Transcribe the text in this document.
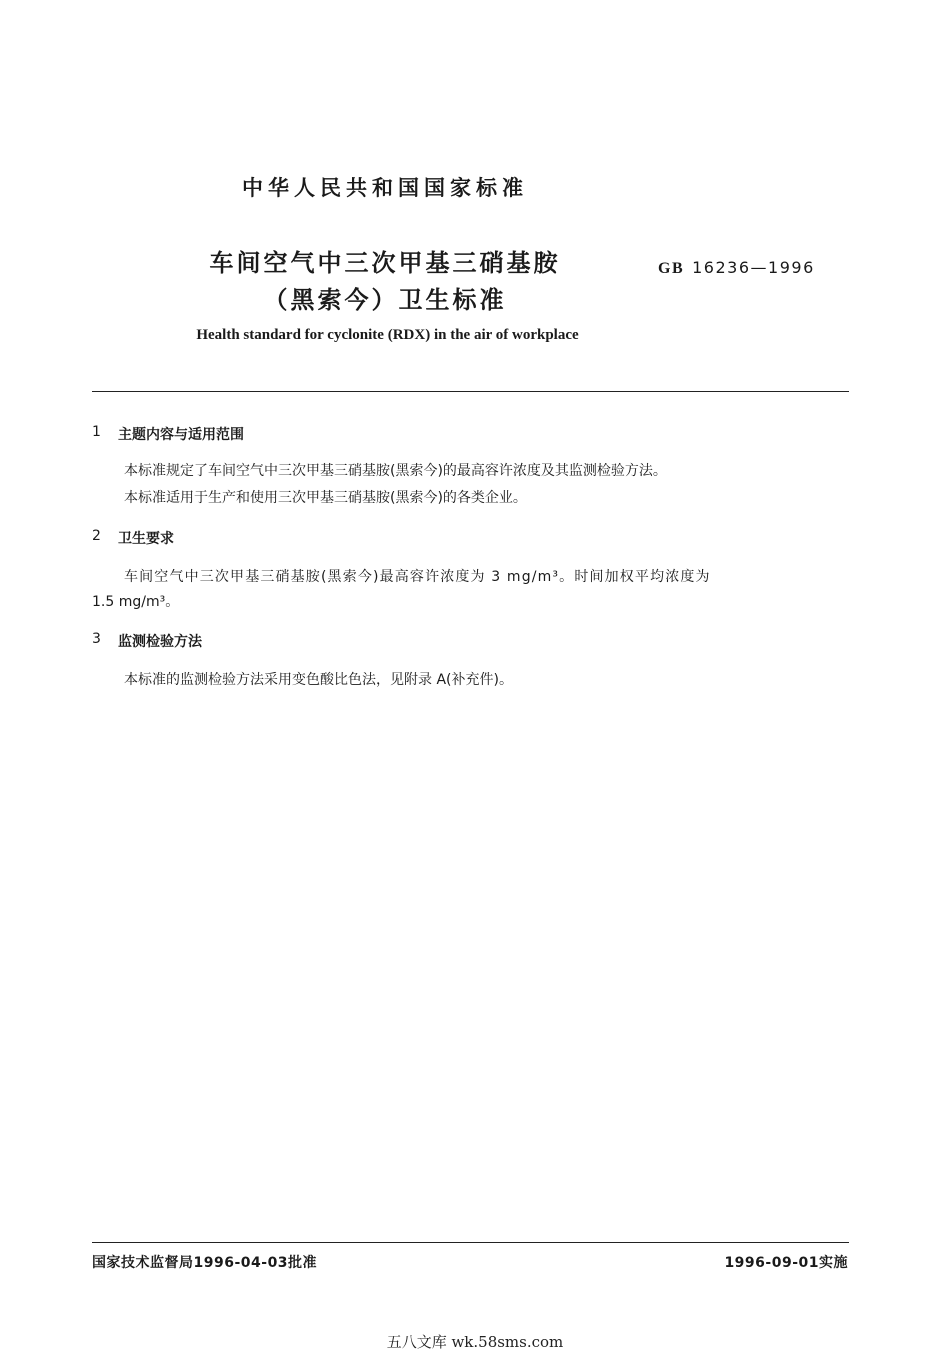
中华人民共和国国家标准
车间空气中三次甲基三硝基胺
（黑索今）卫生标准
GB 16236—1996
Health standard for cyclonite (RDX) in the air of workplace
1 主题内容与适用范围
本标准规定了车间空气中三次甲基三硝基胺(黑索今)的最高容许浓度及其监测检验方法。
本标准适用于生产和使用三次甲基三硝基胺(黑索今)的各类企业。
2 卫生要求
车间空气中三次甲基三硝基胺(黑索今)最高容许浓度为 3 mg/m³。时间加权平均浓度为
1.5 mg/m³。
3 监测检验方法
本标准的监测检验方法采用变色酸比色法，见附录 A(补充件)。
国家技术监督局1996-04-03批准	1996-09-01实施
五八文库 wk.58sms.com
